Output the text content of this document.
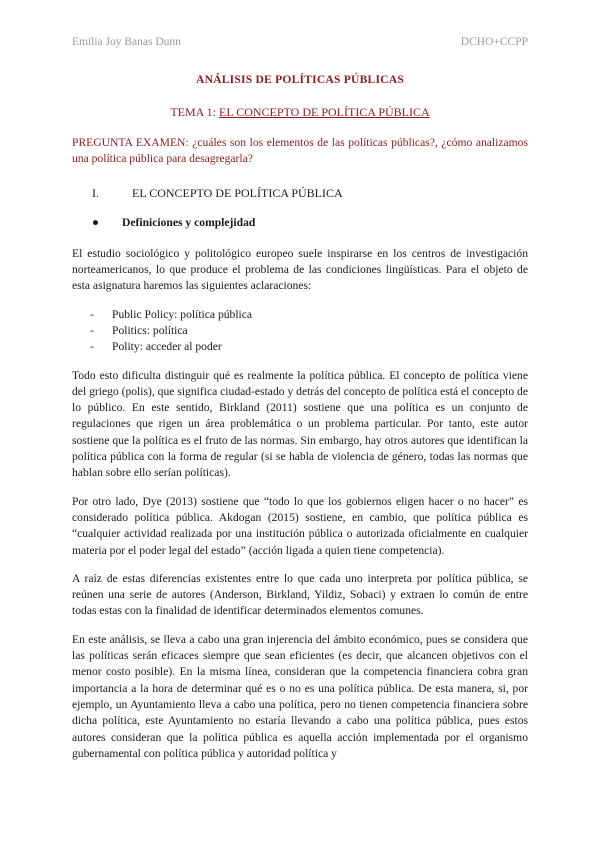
Emilia Joy Banas Dunn	DCHO+CCPP
ANÁLISIS DE POLÍTICAS PÚBLICAS
TEMA 1: EL CONCEPTO DE POLÍTICA PÚBLICA
PREGUNTA EXAMEN: ¿cuáles son los elementos de las políticas públicas?, ¿cómo analizamos una política pública para desagregarla?
I.	EL CONCEPTO DE POLÍTICA PÚBLICA
●	Definiciones y complejidad

El estudio sociológico y politológico europeo suele inspirarse en los centros de investigación norteamericanos, lo que produce el problema de las condiciones lingüísticas. Para el objeto de esta asignatura haremos las siguientes aclaraciones:

-	Public Policy: política pública
-	Politics: política
-	Polity: acceder al poder

Todo esto dificulta distinguir qué es realmente la política pública. El concepto de política viene del griego (polis), que significa ciudad-estado y detrás del concepto de política está el concepto de lo público. En este sentido, Birkland (2011) sostiene que una política es un conjunto de regulaciones que rigen un área problemática o un problema particular. Por tanto, este autor sostiene que la política es el fruto de las normas. Sin embargo, hay otros autores que identifican la política pública con la forma de regular (si se habla de violencia de género, todas las normas que hablan sobre ello serían políticas).

Por otro lado, Dye (2013) sostiene que “todo lo que los gobiernos eligen hacer o no hacer” es considerado política pública. Akdogan (2015) sostiene, en cambio, que política pública es “cualquier actividad realizada por una institución pública o autorizada oficialmente en cualquier materia por el poder legal del estado” (acción ligada a quien tiene competencia).

A raíz de estas diferencias existentes entre lo que cada uno interpreta por política pública, se reúnen una serie de autores (Anderson, Birkland, Yildiz, Sobaci) y extraen lo común de entre todas estas con la finalidad de identificar determinados elementos comunes.

En este análisis, se lleva a cabo una gran injerencia del ámbito económico, pues se considera que las políticas serán eficaces siempre que sean eficientes (es decir, que alcancen objetivos con el menor costo posible). En la misma línea, consideran que la competencia financiera cobra gran importancia a la hora de determinar qué es o no es una política pública. De esta manera, si, por ejemplo, un Ayuntamiento lleva a cabo una política, pero no tienen competencia financiera sobre dicha política, este Ayuntamiento no estaría llevando a cabo una política pública, pues estos autores consideran que la política pública es aquella acción implementada por el organismo gubernamental con política pública y autoridad política y
